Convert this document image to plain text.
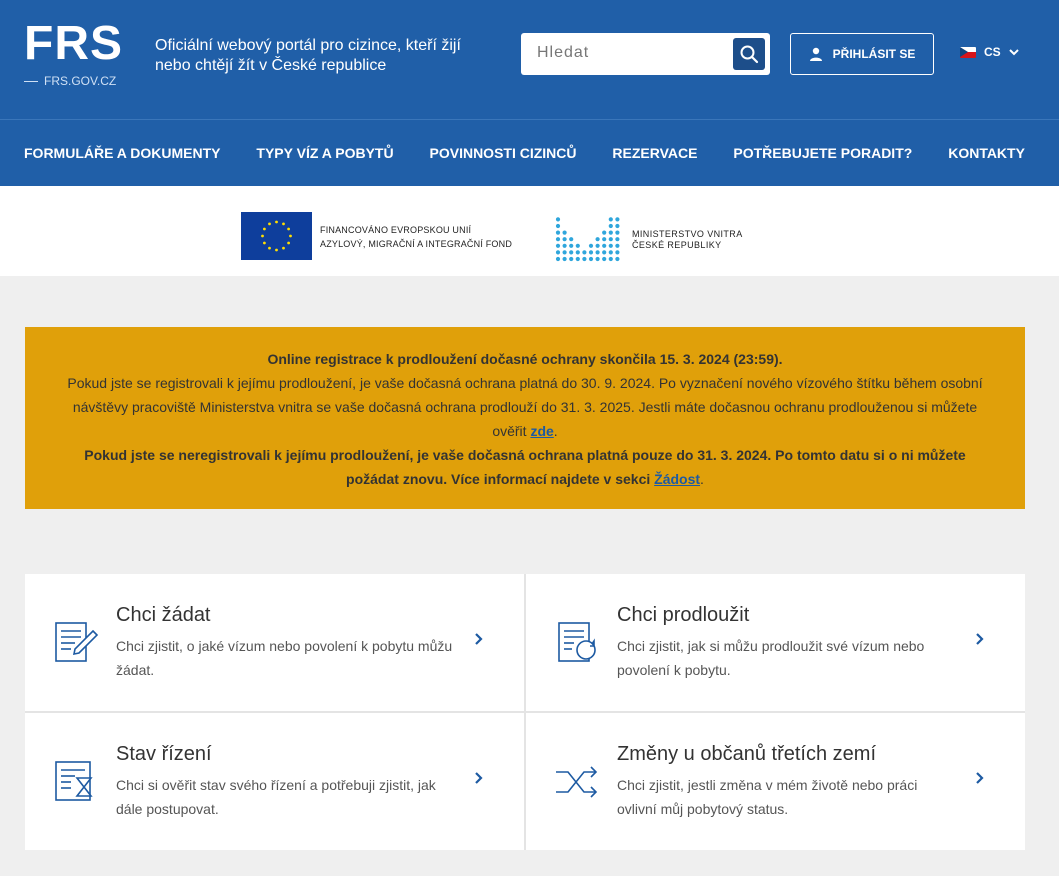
FRS
FRS.GOV.CZ
Oficiální webový portál pro cizince, kteří žijí nebo chtějí žít v České republice
Hledat
PŘIHLÁSIT SE	CS
FORMULÁŘE A DOKUMENTY	TYPY VÍZ A POBYTŮ	POVINNOSTI CIZINCŮ	REZERVACE	POTŘEBUJETE PORADIT?	KONTAKTY
FINANCOVÁNO EVROPSKOU UNIÍ
AZYLOVÝ, MIGRAČNÍ A INTEGRAČNÍ FOND
MINISTERSTVO VNITRA
ČESKÉ REPUBLIKY

Online registrace k prodloužení dočasné ochrany skončila 15. 3. 2024 (23:59).

Pokud jste se registrovali k jejímu prodloužení, je vaše dočasná ochrana platná do 30. 9. 2024. Po vyznačení nového vízového štítku během osobní návštěvy pracoviště Ministerstva vnitra se vaše dočasná ochrana prodlouží do 31. 3. 2025. Jestli máte dočasnou ochranu prodlouženou si můžete ověřit zde.

Pokud jste se neregistrovali k jejímu prodloužení, je vaše dočasná ochrana platná pouze do 31. 3. 2024. Po tomto datu si o ni můžete požádat znovu. Více informací najdete v sekci Žádost.

Chci žádat
Chci zjistit, o jaké vízum nebo povolení k pobytu můžu žádat.
Chci prodloužit
Chci zjistit, jak si můžu prodloužit své vízum nebo povolení k pobytu.
Stav řízení
Chci si ověřit stav svého řízení a potřebuji zjistit, jak dále postupovat.
Změny u občanů třetích zemí
Chci zjistit, jestli změna v mém životě nebo práci ovlivní můj pobytový status.
